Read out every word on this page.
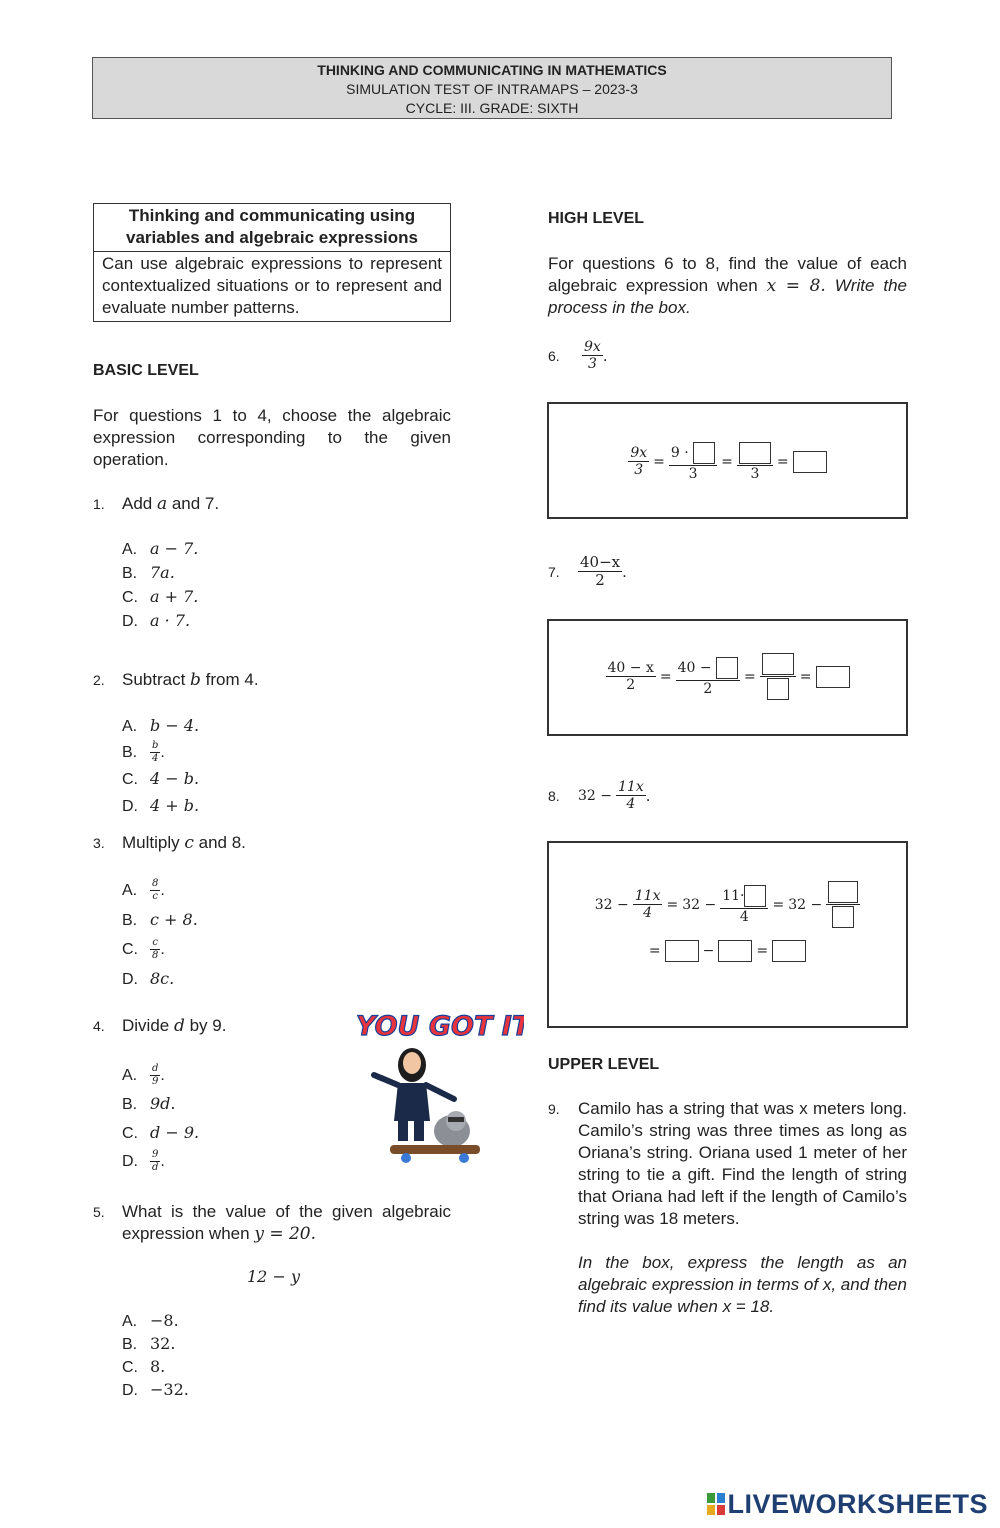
THINKING AND COMMUNICATING IN MATHEMATICS
SIMULATION TEST OF INTRAMAPS – 2023-3
CYCLE: III. GRADE: SIXTH
Thinking and communicating using variables and algebraic expressions
Can use algebraic expressions to represent contextualized situations or to represent and evaluate number patterns.
BASIC LEVEL
For questions 1 to 4, choose the algebraic expression corresponding to the given operation.
1. Add a and 7.
A. a − 7.
B. 7a.
C. a + 7.
D. a · 7.
2. Subtract b from 4.
A. b − 4.
B. $\frac{b}{4}$ .
C. 4 − b.
D. 4 + b.
3. Multiply c and 8.
A. $\frac{8}{c}$ .
B. c + 8.
C. $\frac{c}{8}$ .
D. 8c.
4. Divide d by 9.
A. $\frac{d}{9}$ .
B. 9d.
C. d − 9.
D. $\frac{9}{d}$ .
YOU GOT IT!
5.	What is the value of the given algebraic expression when y = 20.
12 − y
A. −8.
B. 32.
C. 8.
D. −32.
HIGH LEVEL
For questions 6 to 8, find the value of each algebraic expression when x = 8. Write the process in the box.
6.	$\frac{9x}{3}$ .
$\frac{9x}{3} = \frac{9 \cdot}{3}$ =
3
=
7.	$\frac{40-x}{2}$ .
$\frac{40 - x}{2} = \frac{40 -}{2}$ =	=
8.	$32 - \frac{11x}{4}$ .
$32 - \frac{11x}{4} = 32 - \frac{11\cdot}{4} = 32$ −
=	−	=
UPPER LEVEL
9.	Camilo has a string that was x meters long. Camilo’s string was three times as long as Oriana’s string. Oriana used 1 meter of her string to tie a gift. Find the length of string that Oriana had left if the length of Camilo’s string was 18 meters.
In the box, express the length as an algebraic expression in terms of x, and then find its value when x = 18.
LIVEWORKSHEETS
